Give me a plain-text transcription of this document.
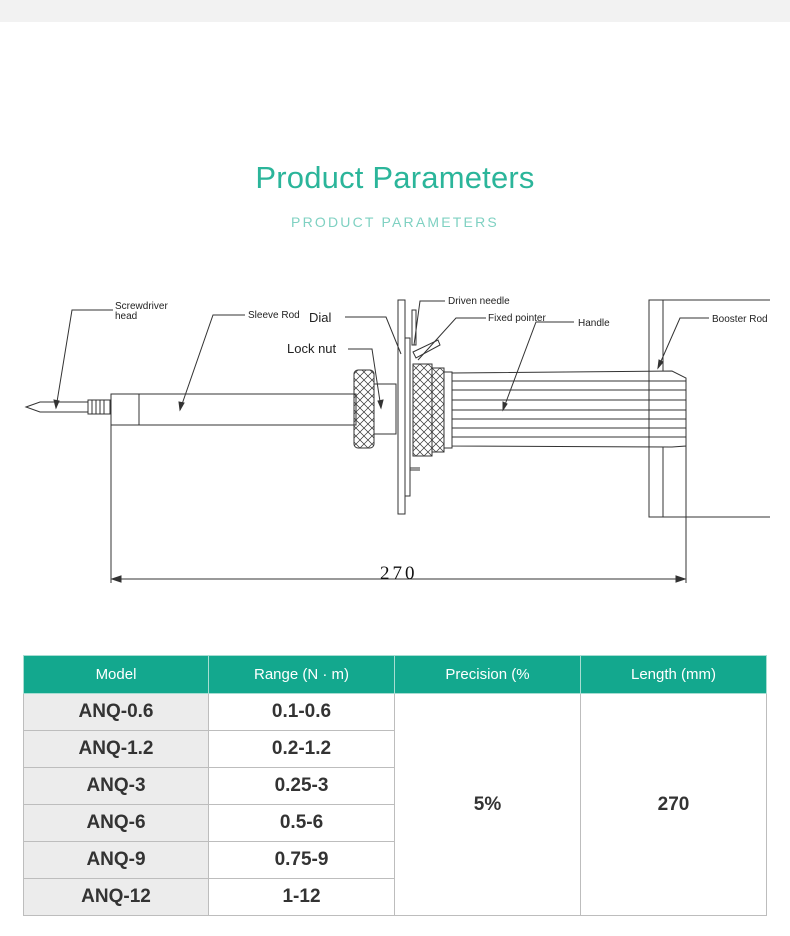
Product Parameters
PRODUCT PARAMETERS
Screwdriver
head	Sleeve Rod Dial
Lock nut
Driven needle
Fixed pointer	Handle	Booster Rod
270
Model	Range (N · m)	Precision (%	Length (mm)
ANQ-0.6	0.1-0.6	5%	270
ANQ-1.2	0.2-1.2		
ANQ-3	0.25-3		
ANQ-6	0.5-6		
ANQ-9	0.75-9		
ANQ-12	1-12		
